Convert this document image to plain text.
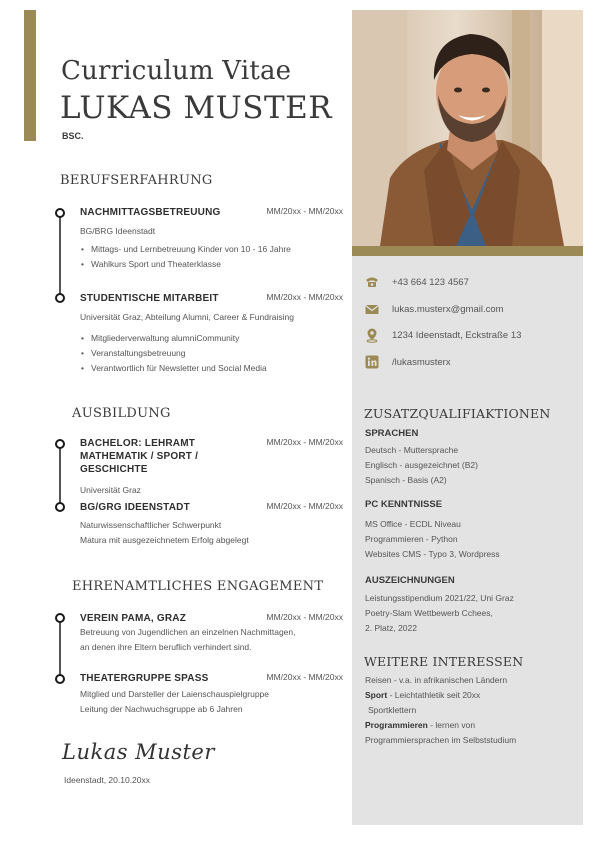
Curriculum Vitae
LUKAS MUSTER
BSC.
BERUFSERFAHRUNG
NACHMITTAGSBETREUUNG	MM/20xx - MM/20xx
BG/BRG Ideenstadt
• Mittags- und Lernbetreuung Kinder von 10 - 16 Jahre
• Wahlkurs Sport und Theaterklasse
STUDENTISCHE MITARBEIT	MM/20xx - MM/20xx
Universität Graz, Abteilung Alumni, Career & Fundraising
• Mitgliederverwaltung alumniCommunity
• Veranstaltungsbetreuung
• Verantwortlich für Newsletter und Social Media
AUSBILDUNG
BACHELOR: LEHRAMT MATHEMATIK / SPORT / GESCHICHTE
MM/20xx - MM/20xx
Universität Graz
BG/GRG IDEENSTADT	MM/20xx - MM/20xx
Naturwissenschaftlicher Schwerpunkt
Matura mit ausgezeichnetem Erfolg abgelegt
EHRENAMTLICHES ENGAGEMENT
VEREIN PAMA, GRAZ	MM/20xx - MM/20xx
Betreuung von Jugendlichen an einzelnen Nachmittagen,
an denen ihre Eltern beruflich verhindert sind.
THEATERGRUPPE SPASS	MM/20xx - MM/20xx
Mitglied und Darsteller der Laienschauspielgruppe
Leitung der Nachwuchsgruppe ab 6 Jahren
Lukas Muster
Ideenstadt, 20.10.20xx
+43 664 123 4567
lukas.musterx@gmail.com
1234 Ideenstadt, Eckstraße 13
/lukasmusterx
ZUSATZQUALIFIAKTIONEN
SPRACHEN
Deutsch - Muttersprache
Englisch - ausgezeichnet (B2)
Spanisch - Basis (A2)
PC KENNTNISSE
MS Office - ECDL Niveau
Programmieren - Python
Websites CMS - Typo 3, Wordpress
AUSZEICHNUNGEN
Leistungsstipendium 2021/22, Uni Graz
Poetry-Slam Wettbewerb Cchees,
2. Platz, 2022
WEITERE INTERESSEN
Reisen - v.a. in afrikanischen Ländern
Sport - Leichtathletik seit 20xx
Sportklettern
Programmieren - lernen von
Programmiersprachen im Selbststudium
